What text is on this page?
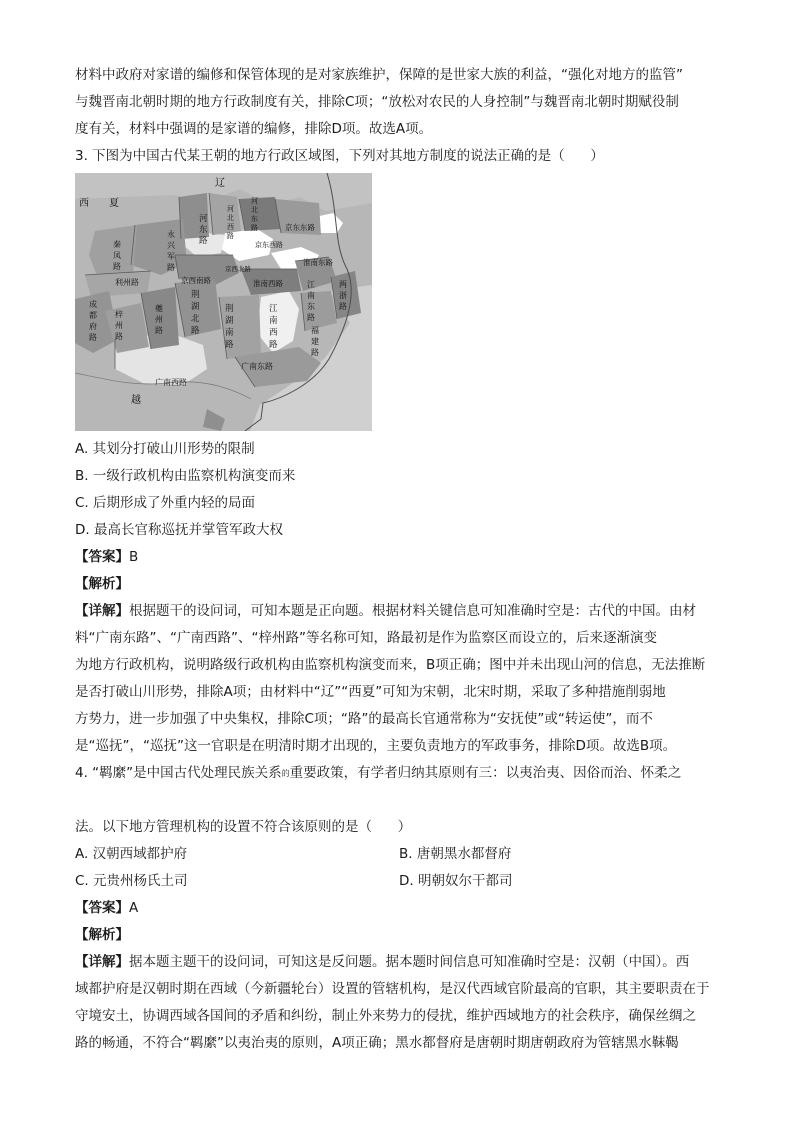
材料中政府对家谱的编修和保管体现的是对家族维护，保障的是世家大族的利益，“强化对地方的监管”

与魏晋南北朝时期的地方行政制度有关，排除C项；“放松对农民的人身控制”与魏晋南北朝时期赋役制

度有关，材料中强调的是家谱的编修，排除D项。故选A项。

3. 下图为中国古代某王朝的地方行政区域图，下列对其地方制度的说法正确的是（      ）

辽
西 夏
河
东
路
河
北
西
路
河
北
东
路	京东东路
京东西路
永
兴
军
路
秦
凤
路	京西北路
淮南东路
京西南路	淮南西路
利州路
成
都
府
路
梓
州
路
夔
州
路
荆
湖
北
路
江
南
东
路
两
浙
路
江
南
西
路
荆
湖
南
路
福
建
路
广南西路
广南东路
越

A. 其划分打破山川形势的限制

B. 一级行政机构由监察机构演变而来

C. 后期形成了外重内轻的局面

D. 最高长官称巡抚并掌管军政大权

【答案】B

【解析】

【详解】根据题干的设问词，可知本题是正向题。根据材料关键信息可知准确时空是：古代的中国。由材

料“广南东路”、“广南西路”、“梓州路”等名称可知，路最初是作为监察区而设立的，后来逐渐演变

为地方行政机构，说明路级行政机构由监察机构演变而来，B项正确；图中并未出现山河的信息，无法推断

是否打破山川形势，排除A项；由材料中“辽”“西夏”可知为宋朝，北宋时期，采取了多种措施削弱地

方势力，进一步加强了中央集权，排除C项；“路”的最高长官通常称为“安抚使”或“转运使”，而不

是“巡抚”，“巡抚”这一官职是在明清时期才出现的，主要负责地方的军政事务，排除D项。故选B项。

4. “羁縻”是中国古代处理民族关系$^的$重要政策，有学者归纳其原则有三：以夷治夷、因俗而治、怀柔之

法。以下地方管理机构的设置不符合该原则的是（      ）

A. 汉朝西域都护府	B. 唐朝黑水都督府

C. 元贵州杨氏土司	D. 明朝奴尔干都司

【答案】A

【解析】

【详解】据本题主题干的设问词，可知这是反问题。据本题时间信息可知准确时空是：汉朝（中国）。西

域都护府是汉朝时期在西域（今新疆轮台）设置的管辖机构，是汉代西域官阶最高的官职，其主要职责在于

守境安土，协调西域各国间的矛盾和纠纷，制止外来势力的侵扰，维护西域地方的社会秩序，确保丝绸之

路的畅通，不符合“羁縻”以夷治夷的原则，A项正确；黑水都督府是唐朝时期唐朝政府为管辖黑水靺鞨
